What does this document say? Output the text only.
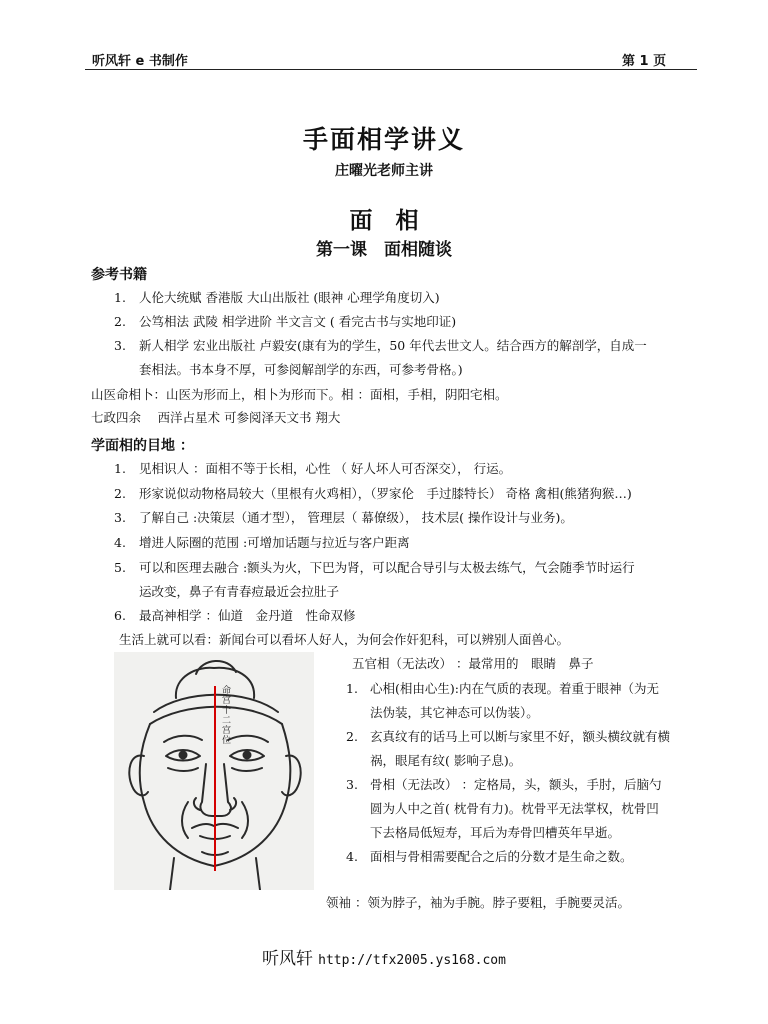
听风轩 e 书制作	第 1 页
手面相学讲义
庄曜光老师主讲
面　相
第一课　面相随谈
参考书籍
1. 人伦大统赋 香港版 大山出版社 (眼神 心理学角度切入)
2. 公笃相法 武陵 相学进阶 半文言文 ( 看完古书与实地印证)
3. 新人相学 宏业出版社 卢毅安(康有为的学生，50 年代去世文人。结合西方的解剖学，自成一
套相法。书本身不厚，可参阅解剖学的东西，可参考骨格。)
山医命相卜：山医为形而上，相卜为形而下。相 ：面相，手相，阴阳宅相。
七政四余　 西洋占星术 可参阅泽天文书 翔大
学面相的目地 ：
1. 见相识人 ：面相不等于长相，心性 （ 好人坏人可否深交）， 行运。
2. 形家说似动物格局较大（里根有火鸡相），（罗家伦　手过膝特长） 奇格 禽相(熊猪狗猴…)
3. 了解自己 :决策层（通才型）， 管理层（ 幕僚级）， 技术层( 操作设计与业务)。
4. 增进人际圈的范围 :可增加话题与拉近与客户距离
5. 可以和医理去融合 :额头为火，下巴为肾，可以配合导引与太极去练气，气会随季节时运行
运改变，鼻子有青春痘最近会拉肚子
6. 最高神相学 ：仙道　金丹道　性命双修
生活上就可以看：新闻台可以看坏人好人，为何会作奸犯科，可以辨别人面兽心。
命宫十二宫位
五官相（无法改） ：最常用的　眼睛　鼻子
1. 心相(相由心生):内在气质的表现。着重于眼神（为无
法伪装，其它神态可以伪装）。
2. 玄真纹有的话马上可以断与家里不好，额头横纹就有横
祸，眼尾有纹( 影响子息)。
3. 骨相（无法改） ：定格局，头，额头，手肘，后脑勺
圆为人中之首( 枕骨有力)。枕骨平无法掌权，枕骨凹
下去格局低短寿，耳后为寿骨凹槽英年早逝。
4. 面相与骨相需要配合之后的分数才是生命之数。
领袖 ：领为脖子，袖为手腕。脖子要粗，手腕要灵活。
听风轩 http://tfx2005.ys168.com
